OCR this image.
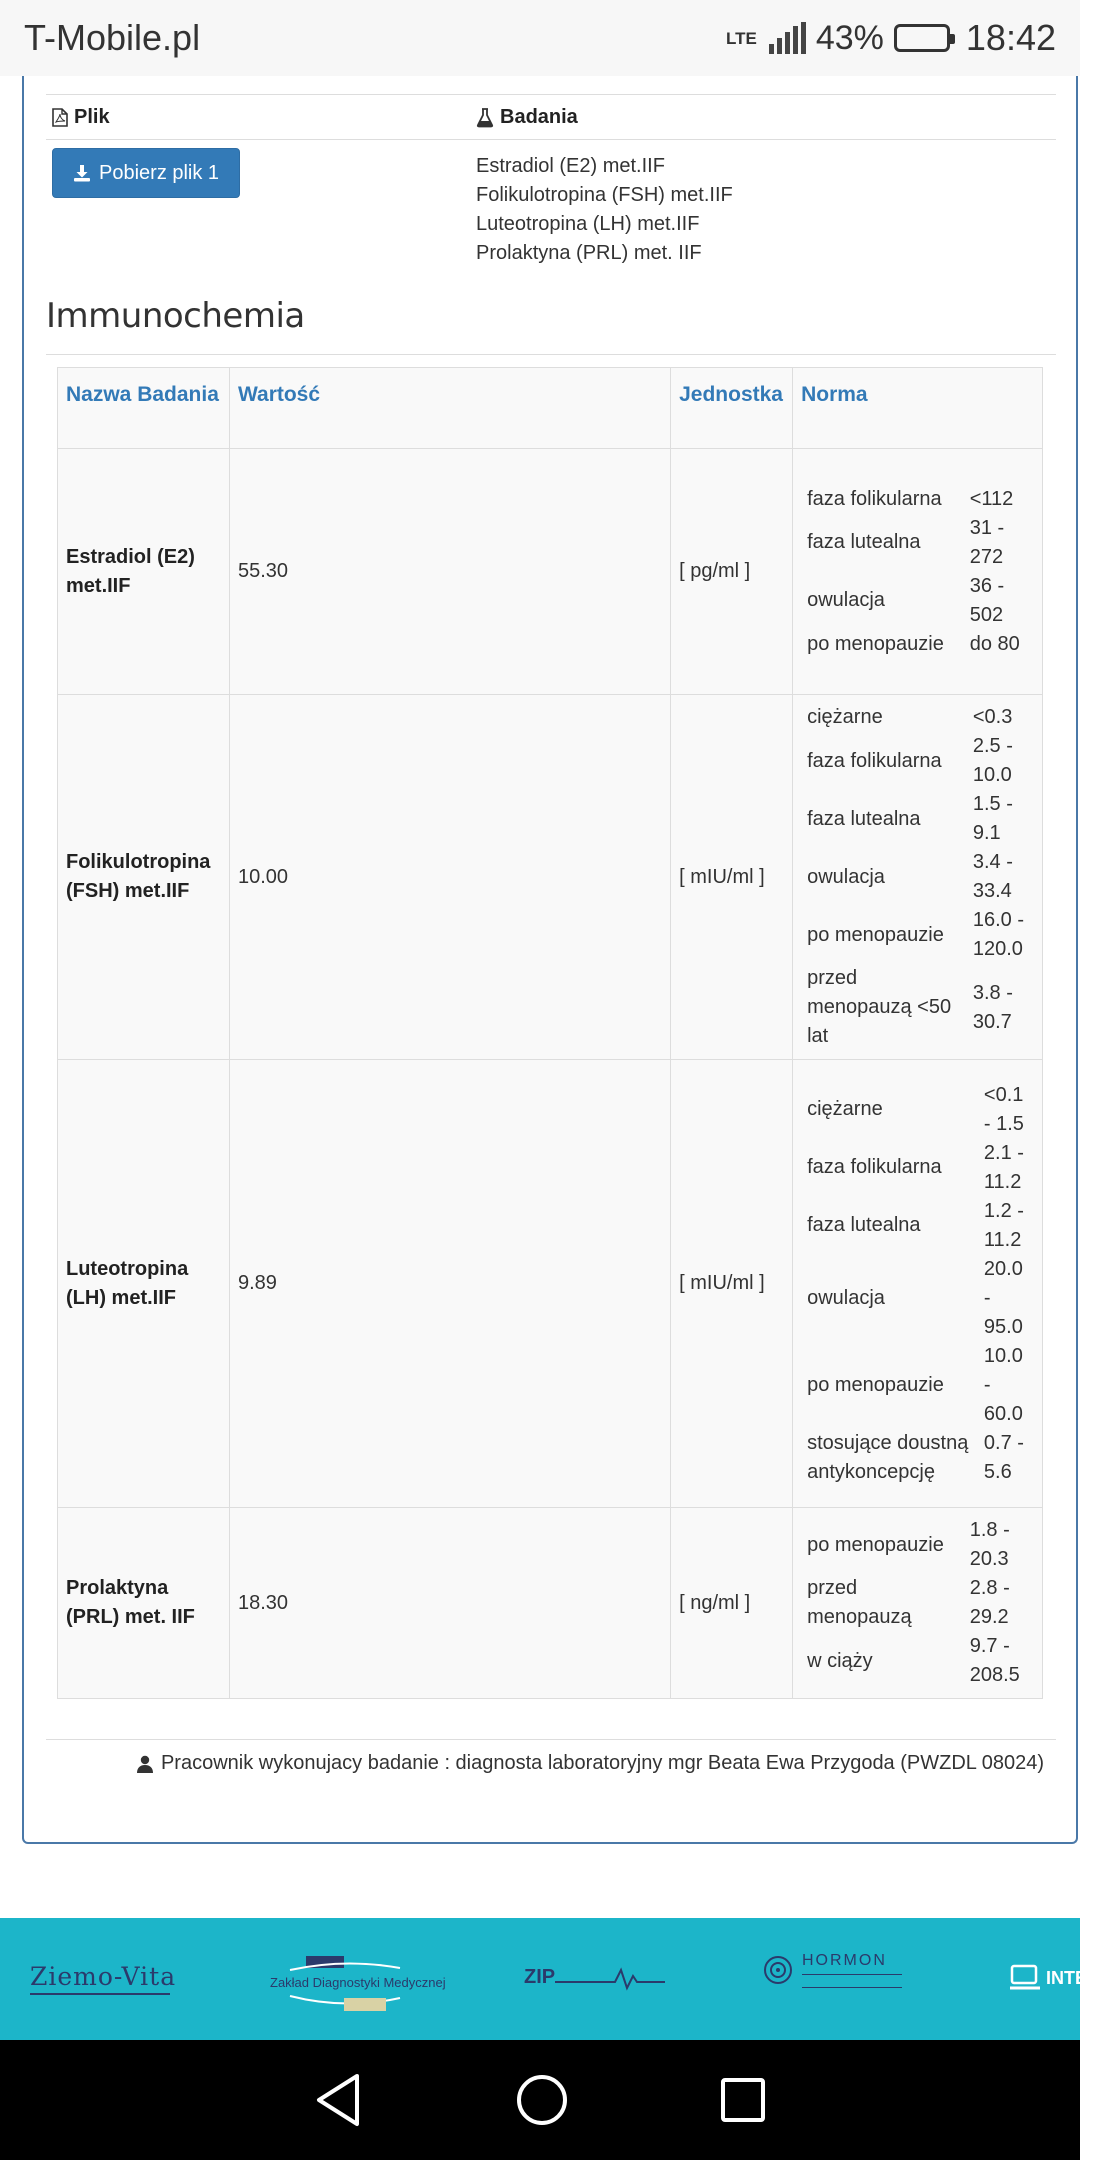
T-Mobile.pl	LTE 43% 18:42
Plik	Badania
Pobierz plik 1	Estradiol (E2) met.IIF
Folikulotropina (FSH) met.IIF
Luteotropina (LH) met.IIF
Prolaktyna (PRL) met. IIF
Immunochemia
Nazwa Badania	Wartość	Jednostka	Norma
Estradiol (E2) met.IIF	55.30	[ pg/ml ]	
faza folikularna	<112
faza lutealna	31 - 272
owulacja	36 - 502
po menopauzie	do 80

Folikulotropina (FSH) met.IIF	10.00	[ mIU/ml ]	
ciężarne	<0.3
faza folikularna	2.5 - 10.0
faza lutealna	1.5 - 9.1
owulacja	3.4 - 33.4
po menopauzie	16.0 - 120.0
przed menopauzą <50 lat	3.8 - 30.7

Luteotropina (LH) met.IIF	9.89	[ mIU/ml ]	
ciężarne	<0.1 - 1.5
faza folikularna	2.1 - 11.2
faza lutealna	1.2 - 11.2
owulacja	20.0 - 95.0
po menopauzie	10.0 - 60.0
stosujące doustną antykoncepcję	0.7 - 5.6

Prolaktyna (PRL) met. IIF	18.30	[ ng/ml ]	
po menopauzie	1.8 - 20.3
przed menopauzą	2.8 - 29.2
w ciąży	9.7 - 208.5
Pracownik wykonujacy badanie : diagnosta laboratoryjny mgr Beata Ewa Przygoda (PWZDL 08024)
Ziemo-Vita	$_{Zakład Diagnostyki Medycznej}$	ZIP
HORMON
INTER
